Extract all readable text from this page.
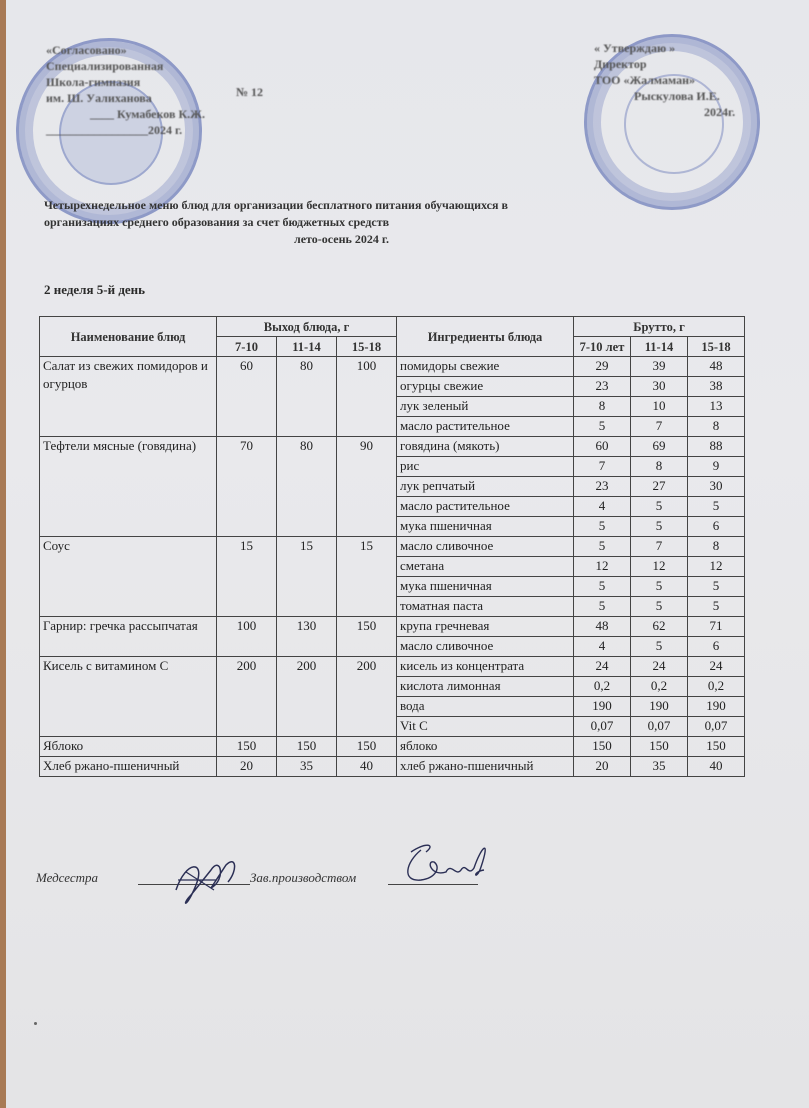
«Согласовано»
Специализированная
Школа-гимназия
им. Ш. Уалиханова	№ 12
____ Кумабеков К.Ж.
_________________2024 г.
« Утверждаю »
Директор
ТОО «Жалмаман»
Рыскулова И.Е.
2024г.
Четырехнедельное меню блюд для организации бесплатного питания обучающихся в
организациях среднего образования за счет бюджетных средств

лето-осень 2024 г.
2 неделя 5-й день
Наименование блюд	Выход блюда, г			Ингредиенты блюда	Брутто, г		
	7-10	11-14	15-18		7-10 лет	11-14	15-18
Салат из свежих помидоров и огурцов	60	80	100	помидоры свежие	29	39	48
				огурцы свежие	23	30	38
				лук зеленый	8	10	13
				масло растительное	5	7	8
Тефтели мясные (говядина)	70	80	90	говядина (мякоть)	60	69	88
				рис	7	8	9
				лук репчатый	23	27	30
				масло растительное	4	5	5
				мука пшеничная	5	5	6
Соус	15	15	15	масло сливочное	5	7	8
				сметана	12	12	12
				мука пшеничная	5	5	5
				томатная паста	5	5	5
Гарнир: гречка рассыпчатая	100	130	150	крупа гречневая	48	62	71
				масло сливочное	4	5	6
Кисель с витамином С	200	200	200	кисель из концентрата	24	24	24
				кислота лимонная	0,2	0,2	0,2
				вода	190	190	190
				Vit C	0,07	0,07	0,07
Яблоко	150	150	150	яблоко	150	150	150
Хлеб ржано-пшеничный	20	35	40	хлеб ржано-пшеничный	20	35	40
Медсестра	Зав.производством
